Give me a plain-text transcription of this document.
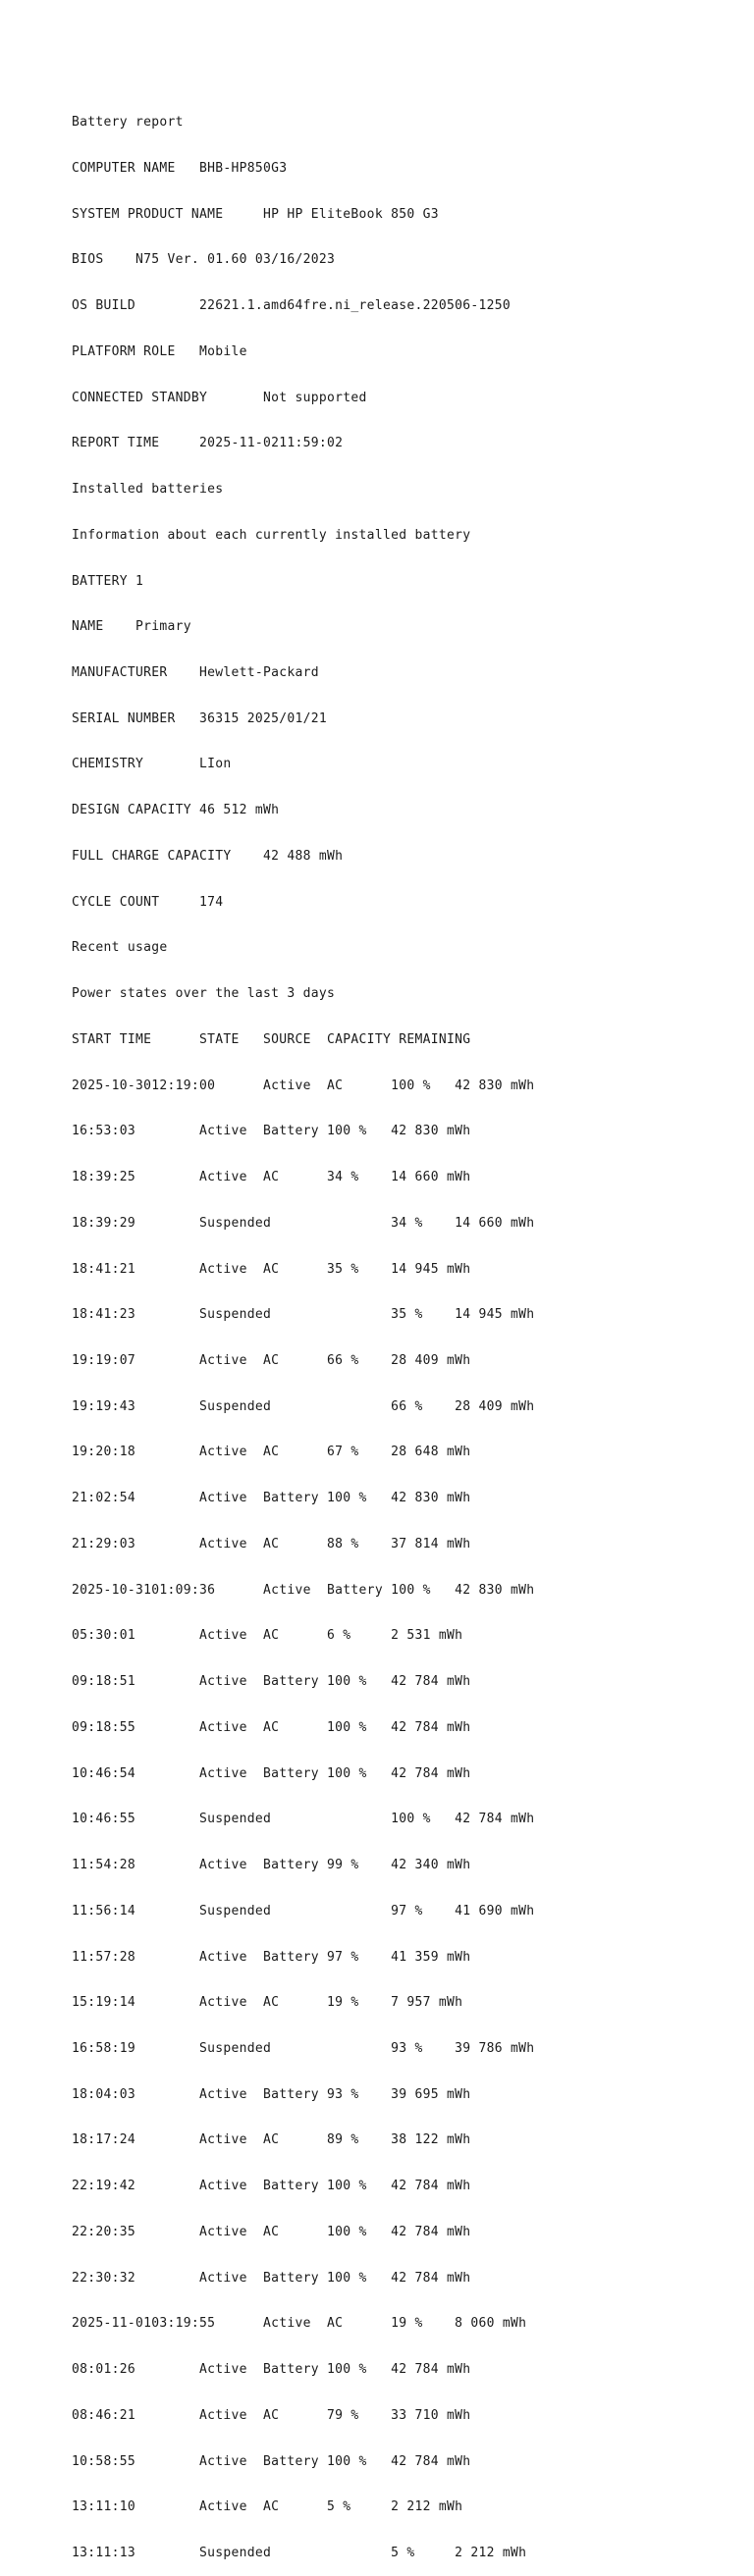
Battery report

COMPUTER NAME   BHB-HP850G3

SYSTEM PRODUCT NAME     HP HP EliteBook 850 G3

BIOS    N75 Ver. 01.60 03/16/2023

OS BUILD        22621.1.amd64fre.ni_release.220506-1250

PLATFORM ROLE   Mobile

CONNECTED STANDBY       Not supported

REPORT TIME     2025-11-0211:59:02

Installed batteries

Information about each currently installed battery

BATTERY 1

NAME    Primary

MANUFACTURER    Hewlett-Packard

SERIAL NUMBER   36315 2025/01/21

CHEMISTRY       LIon

DESIGN CAPACITY 46 512 mWh

FULL CHARGE CAPACITY    42 488 mWh

CYCLE COUNT     174

Recent usage

Power states over the last 3 days

START TIME      STATE   SOURCE  CAPACITY REMAINING

2025-10-3012:19:00      Active  AC      100 %   42 830 mWh

16:53:03        Active  Battery 100 %   42 830 mWh

18:39:25        Active  AC      34 %    14 660 mWh

18:39:29        Suspended               34 %    14 660 mWh

18:41:21        Active  AC      35 %    14 945 mWh

18:41:23        Suspended               35 %    14 945 mWh

19:19:07        Active  AC      66 %    28 409 mWh

19:19:43        Suspended               66 %    28 409 mWh

19:20:18        Active  AC      67 %    28 648 mWh

21:02:54        Active  Battery 100 %   42 830 mWh

21:29:03        Active  AC      88 %    37 814 mWh

2025-10-3101:09:36      Active  Battery 100 %   42 830 mWh

05:30:01        Active  AC      6 %     2 531 mWh

09:18:51        Active  Battery 100 %   42 784 mWh

09:18:55        Active  AC      100 %   42 784 mWh

10:46:54        Active  Battery 100 %   42 784 mWh

10:46:55        Suspended               100 %   42 784 mWh

11:54:28        Active  Battery 99 %    42 340 mWh

11:56:14        Suspended               97 %    41 690 mWh

11:57:28        Active  Battery 97 %    41 359 mWh

15:19:14        Active  AC      19 %    7 957 mWh

16:58:19        Suspended               93 %    39 786 mWh

18:04:03        Active  Battery 93 %    39 695 mWh

18:17:24        Active  AC      89 %    38 122 mWh

22:19:42        Active  Battery 100 %   42 784 mWh

22:20:35        Active  AC      100 %   42 784 mWh

22:30:32        Active  Battery 100 %   42 784 mWh

2025-11-0103:19:55      Active  AC      19 %    8 060 mWh

08:01:26        Active  Battery 100 %   42 784 mWh

08:46:21        Active  AC      79 %    33 710 mWh

10:58:55        Active  Battery 100 %   42 784 mWh

13:11:10        Active  AC      5 %     2 212 mWh

13:11:13        Suspended               5 %     2 212 mWh
